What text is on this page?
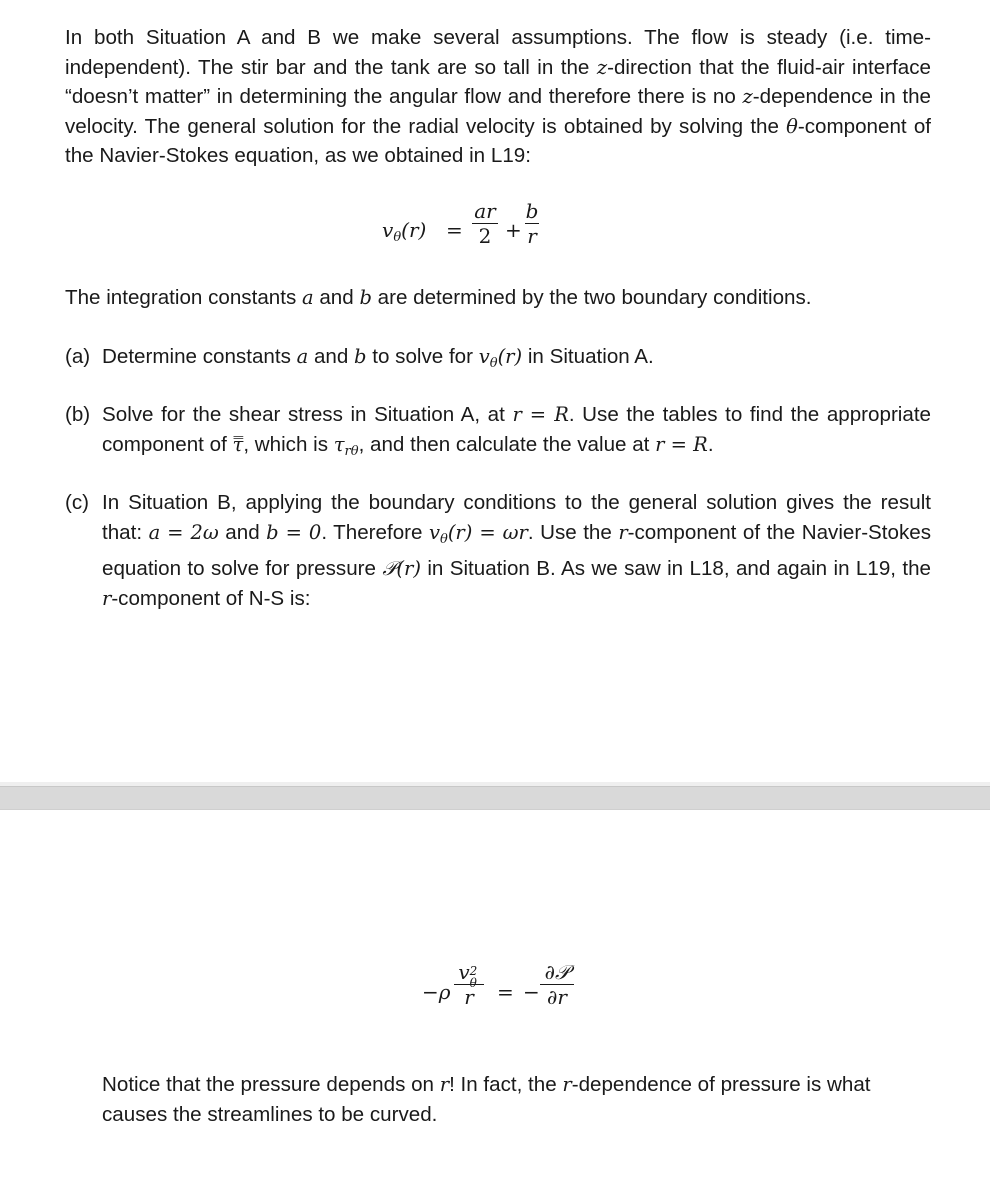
In both Situation A and B we make several assumptions. The flow is steady (i.e. time-independent). The stir bar and the tank are so tall in the z-direction that the fluid-air interface “doesn’t matter” in determining the angular flow and therefore there is no z-dependence in the velocity. The general solution for the radial velocity is obtained by solving the θ-component of the Navier-Stokes equation, as we obtained in L19:

$v_\theta(r)$ =
ar
2 +
b
r

The integration constants a and b are determined by the two boundary conditions.

(a) Determine constants a and b to solve for $v_\theta(r)$ in Situation A.

(b) Solve for the shear stress in Situation A, at r = R. Use the tables to find the appropriate component of τ̿, which is $\tau_{r\theta}$, and then calculate the value at r = R.

(c) In Situation B, applying the boundary conditions to the general solution gives the result that: a = 2ω and b = 0. Therefore $v_\theta(r) = \omega r$. Use the r-component of the Navier-Stokes equation to solve for pressure 𝒫(r) in Situation B. As we saw in L18, and again in L19, the r-component of N-S is:

−ρ
v 2
θ
r	= −
∂𝒫
∂r

Notice that the pressure depends on r! In fact, the r-dependence of pressure is what causes the streamlines to be curved.
